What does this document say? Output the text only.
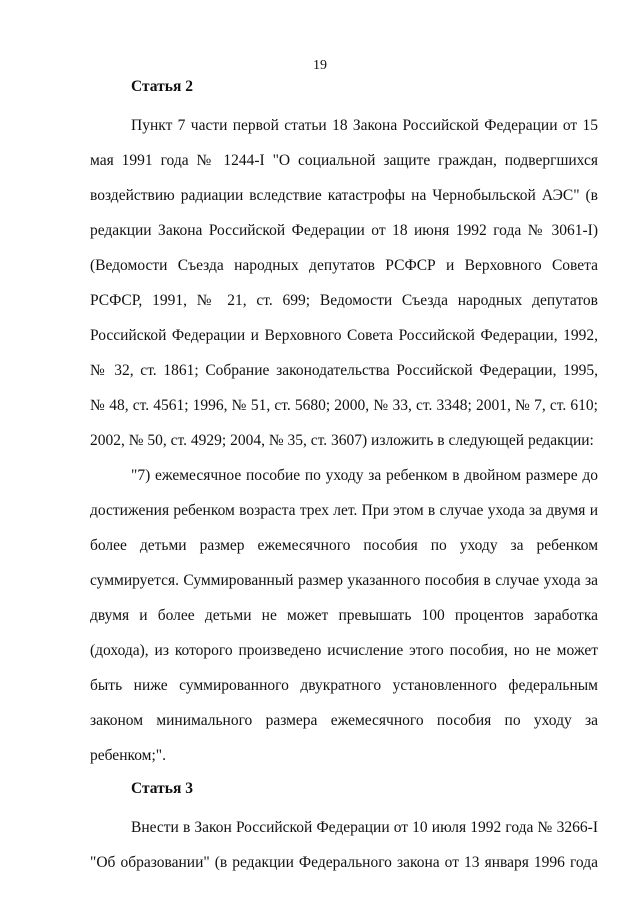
19
Статья 2
Пункт 7 части первой статьи 18 Закона Российской Федерации от 15
мая 1991 года № 1244-I "О социальной защите граждан, подвергшихся
воздействию радиации вследствие катастрофы на Чернобыльской АЭС" (в
редакции Закона Российской Федерации от 18 июня 1992 года № 3061-I)
(Ведомости Съезда народных депутатов РСФСР и Верховного Совета
РСФСР, 1991, № 21, ст. 699; Ведомости Съезда народных депутатов
Российской Федерации и Верховного Совета Российской Федерации, 1992,
№ 32, ст. 1861; Собрание законодательства Российской Федерации, 1995,
№ 48, ст. 4561; 1996, № 51, ст. 5680; 2000, № 33, ст. 3348; 2001, № 7, ст. 610;
2002, № 50, ст. 4929; 2004, № 35, ст. 3607) изложить в следующей редакции:
"7) ежемесячное пособие по уходу за ребенком в двойном размере до
достижения ребенком возраста трех лет. При этом в случае ухода за двумя и
более детьми размер ежемесячного пособия по уходу за ребенком
суммируется. Суммированный размер указанного пособия в случае ухода за
двумя и более детьми не может превышать 100 процентов заработка
(дохода), из которого произведено исчисление этого пособия, но не может
быть ниже суммированного двукратного установленного федеральным
законом минимального размера ежемесячного пособия по уходу за
ребенком;".
Статья 3
Внести в Закон Российской Федерации от 10 июля 1992 года № 3266-I
"Об образовании" (в редакции Федерального закона от 13 января 1996 года
